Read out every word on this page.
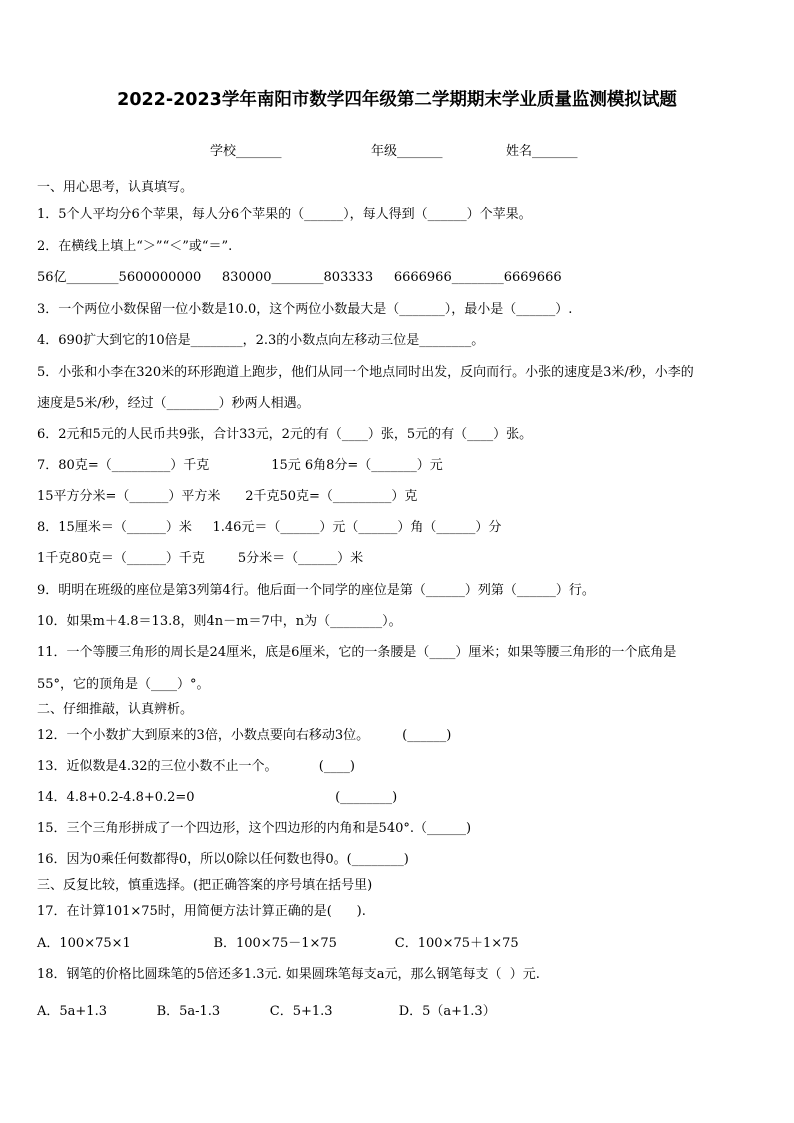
2022-2023学年南阳市数学四年级第二学期期末学业质量监测模拟试题
学校_______	年级_______	姓名_______
一、用心思考，认真填写。
1．5个人平均分6个苹果，每人分6个苹果的（______），每人得到（______）个苹果。
2．在横线上填上“＞”“＜”或“＝”.
56亿________5600000000     830000________803333     6666966________6669666
3．一个两位小数保留一位小数是10.0，这个两位小数最大是（_______），最小是（______）.
4．690扩大到它的10倍是________，2.3的小数点向左移动三位是________。
5．小张和小李在320米的环形跑道上跑步，他们从同一个地点同时出发，反向而行。小张的速度是3米/秒，小李的
速度是5米/秒，经过（________）秒两人相遇。
6．2元和5元的人民币共9张，合计33元，2元的有（____）张，5元的有（____）张。
7．80克=（_________）千克               15元 6角8分=（_______）元
15平方分米=（______）平方米      2千克50克=（_________）克
8．15厘米＝（______）米     1.46元＝（______）元（______）角（______）分
1千克80克＝（______）千克        5分米＝（______）米
9．明明在班级的座位是第3列第4行。他后面一个同学的座位是第（______）列第（______）行。
10．如果m＋4.8＝13.8，则4n－m＝7中，n为（________）。
11．一个等腰三角形的周长是24厘米，底是6厘米，它的一条腰是（____）厘米；如果等腰三角形的一个底角是
55°，它的顶角是（____）°。
二、仔细推敲，认真辨析。
12．一个小数扩大到原来的3倍，小数点要向右移动3位。        (______)
13．近似数是4.32的三位小数不止一个。          (____)
14．4.8+0.2-4.8+0.2=0                                  (________)
15．三个三角形拼成了一个四边形，这个四边形的内角和是540°.（______)
16．因为0乘任何数都得0，所以0除以任何数也得0。(________)
三、反复比较，慎重选择。(把正确答案的序号填在括号里)
17．在计算101×75时，用简便方法计算正确的是(      ).
A．100×75×1                    B．100×75－1×75              C．100×75＋1×75
18．钢笔的价格比圆珠笔的5倍还多1.3元. 如果圆珠笔每支a元，那么钢笔每支（  ）元.
A．5a+1.3            B．5a-1.3            C．5+1.3                D．5（a+1.3）
